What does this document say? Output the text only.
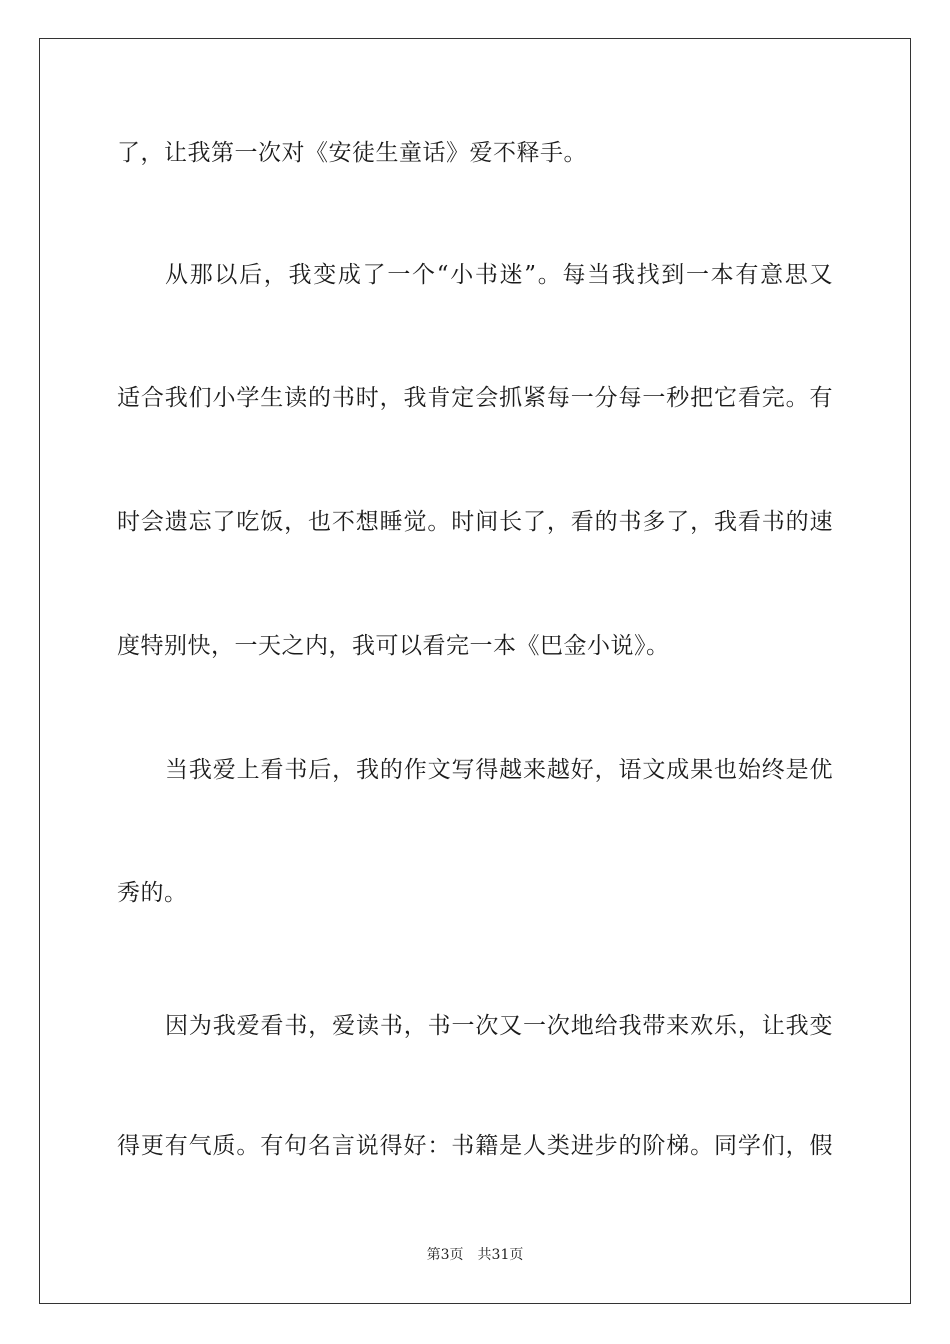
了，让我第一次对《安徒生童话》爱不释手。
从那以后，我变成了一个“小书迷”。每当我找到一本有意思又
适合我们小学生读的书时，我肯定会抓紧每一分每一秒把它看完。有
时会遗忘了吃饭，也不想睡觉。时间长了，看的书多了，我看书的速
度特别快，一天之内，我可以看完一本《巴金小说》。
当我爱上看书后，我的作文写得越来越好，语文成果也始终是优
秀的。
因为我爱看书，爱读书，书一次又一次地给我带来欢乐，让我变
得更有气质。有句名言说得好：书籍是人类进步的阶梯。同学们，假
第3页 共31页
